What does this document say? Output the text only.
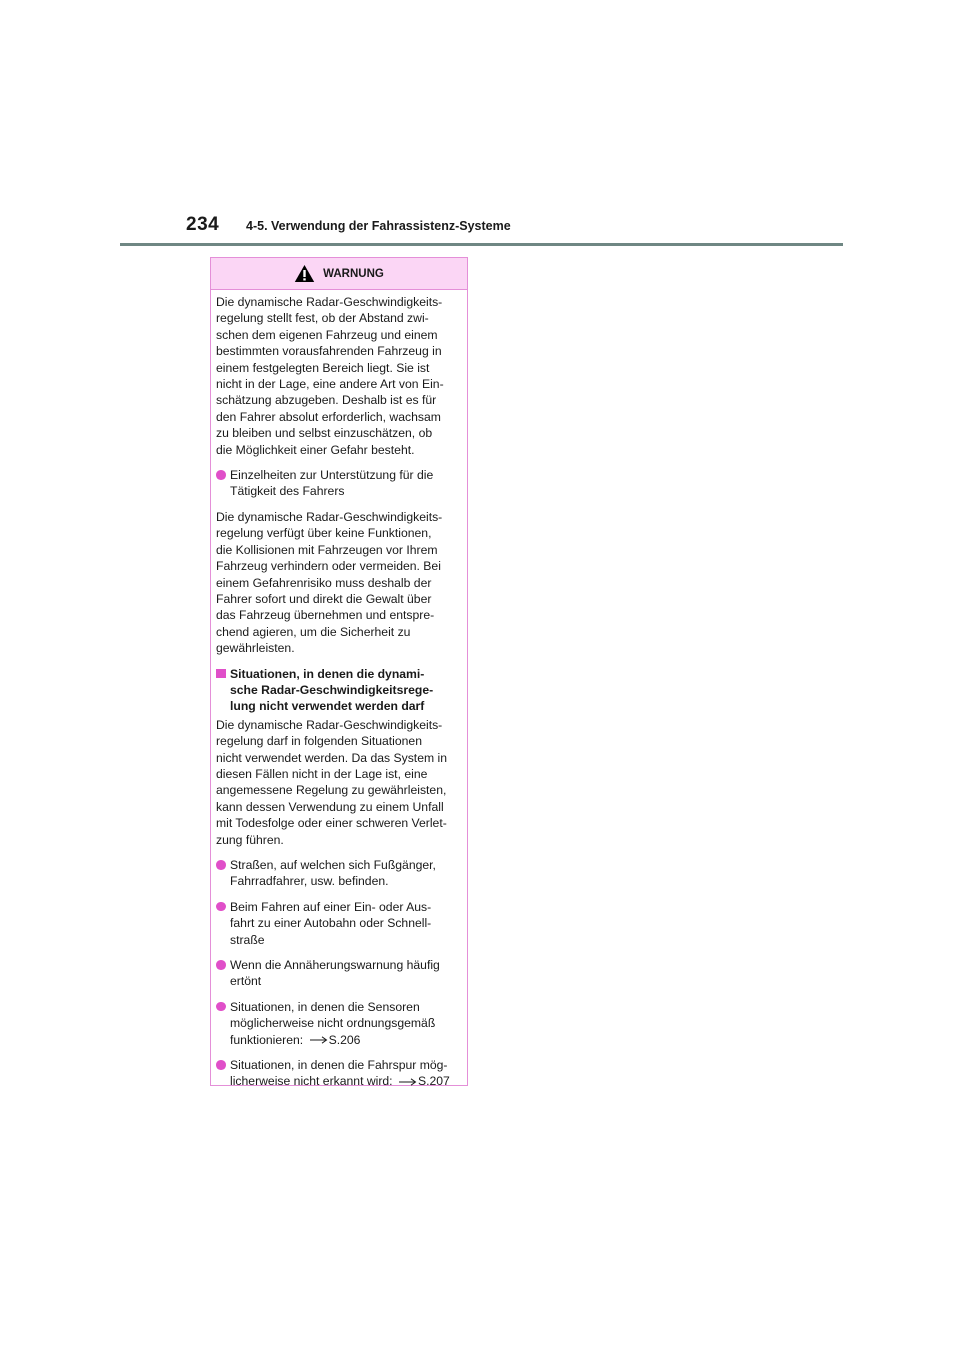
234 4-5. Verwendung der Fahrassistenz-Systeme
WARNUNG
Die dynamische Radar-Geschwindigkeits-
regelung stellt fest, ob der Abstand zwi-
schen dem eigenen Fahrzeug und einem
bestimmten vorausfahrenden Fahrzeug in
einem festgelegten Bereich liegt. Sie ist
nicht in der Lage, eine andere Art von Ein-
schätzung abzugeben. Deshalb ist es für
den Fahrer absolut erforderlich, wachsam
zu bleiben und selbst einzuschätzen, ob
die Möglichkeit einer Gefahr besteht.
Einzelheiten zur Unterstützung für die
Tätigkeit des Fahrers
Die dynamische Radar-Geschwindigkeits-
regelung verfügt über keine Funktionen,
die Kollisionen mit Fahrzeugen vor Ihrem
Fahrzeug verhindern oder vermeiden. Bei
einem Gefahrenrisiko muss deshalb der
Fahrer sofort und direkt die Gewalt über
das Fahrzeug übernehmen und entspre-
chend agieren, um die Sicherheit zu
gewährleisten.
Situationen, in denen die dynami-
sche Radar-Geschwindigkeitsrege-
lung nicht verwendet werden darf
Die dynamische Radar-Geschwindigkeits-
regelung darf in folgenden Situationen
nicht verwendet werden. Da das System in
diesen Fällen nicht in der Lage ist, eine
angemessene Regelung zu gewährleisten,
kann dessen Verwendung zu einem Unfall
mit Todesfolge oder einer schweren Verlet-
zung führen.
Straßen, auf welchen sich Fußgänger,
Fahrradfahrer, usw. befinden.
Beim Fahren auf einer Ein- oder Aus-
fahrt zu einer Autobahn oder Schnell-
straße
Wenn die Annäherungswarnung häufig
ertönt
Situationen, in denen die Sensoren
möglicherweise nicht ordnungsgemäß
funktionieren: S.206
Situationen, in denen die Fahrspur mög-
licherweise nicht erkannt wird: S.207
